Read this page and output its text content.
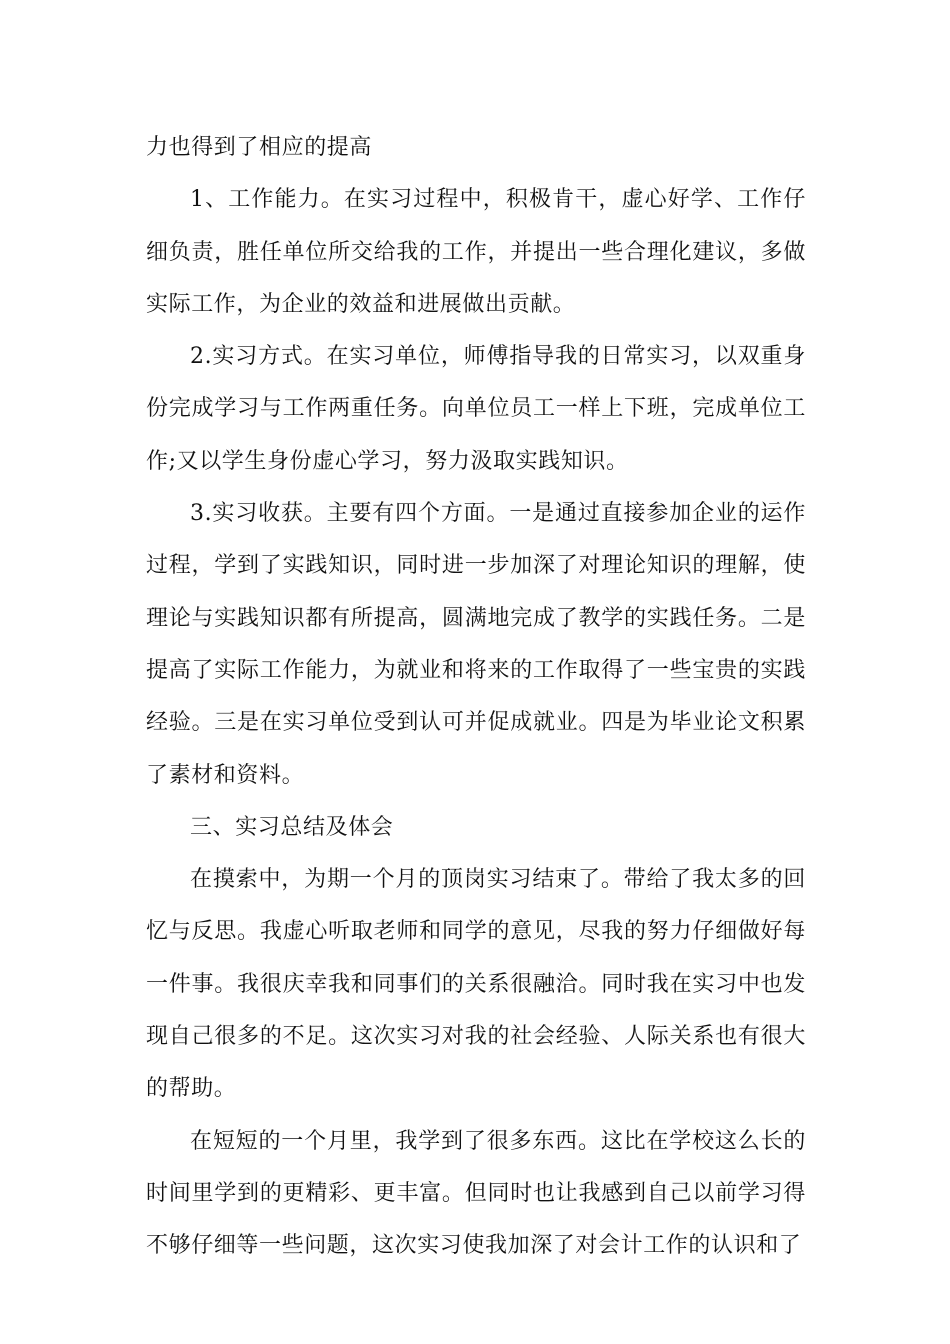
力也得到了相应的提高

1、工作能力。在实习过程中，积极肯干，虚心好学、工作仔细负责，胜任单位所交给我的工作，并提出一些合理化建议，多做实际工作，为企业的效益和进展做出贡献。

2.实习方式。在实习单位，师傅指导我的日常实习，以双重身份完成学习与工作两重任务。向单位员工一样上下班，完成单位工作;又以学生身份虚心学习，努力汲取实践知识。

3.实习收获。主要有四个方面。一是通过直接参加企业的运作过程，学到了实践知识，同时进一步加深了对理论知识的理解，使理论与实践知识都有所提高，圆满地完成了教学的实践任务。二是提高了实际工作能力，为就业和将来的工作取得了一些宝贵的实践经验。三是在实习单位受到认可并促成就业。四是为毕业论文积累了素材和资料。

三、实习总结及体会

在摸索中，为期一个月的顶岗实习结束了。带给了我太多的回忆与反思。我虚心听取老师和同学的意见，尽我的努力仔细做好每一件事。我很庆幸我和同事们的关系很融洽。同时我在实习中也发现自己很多的不足。这次实习对我的社会经验、人际关系也有很大的帮助。

在短短的一个月里，我学到了很多东西。这比在学校这么长的时间里学到的更精彩、更丰富。但同时也让我感到自己以前学习得不够仔细等一些问题，这次实习使我加深了对会计工作的认识和了
